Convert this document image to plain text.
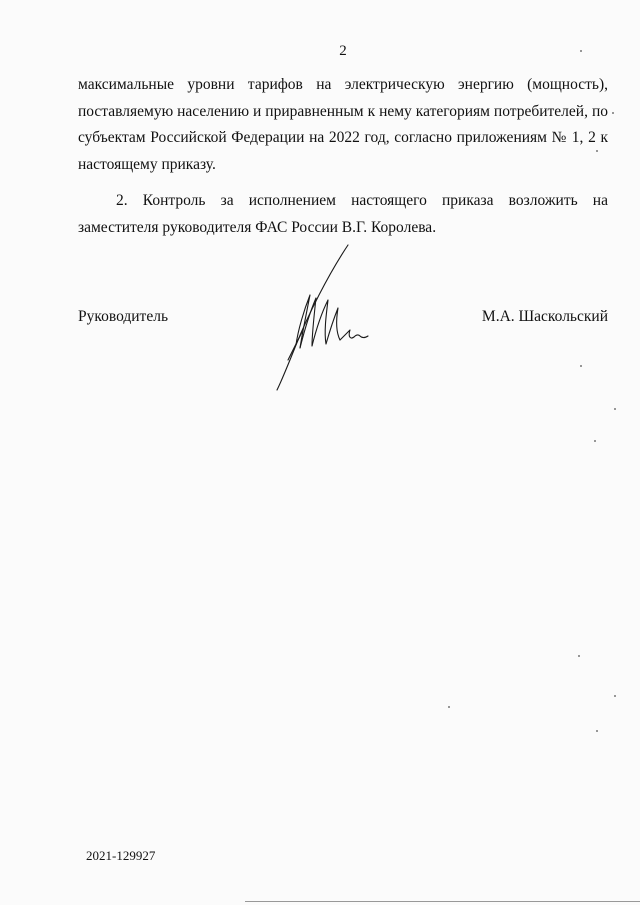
2

максимальные уровни тарифов на электрическую энергию (мощность), поставляемую населению и приравненным к нему категориям потребителей, по субъектам Российской Федерации на 2022 год, согласно приложениям № 1, 2 к настоящему приказу.

2. Контроль за исполнением настоящего приказа возложить на заместителя руководителя ФАС России В.Г. Королева.

Руководитель	М.А. Шаскольский
2021-129927
